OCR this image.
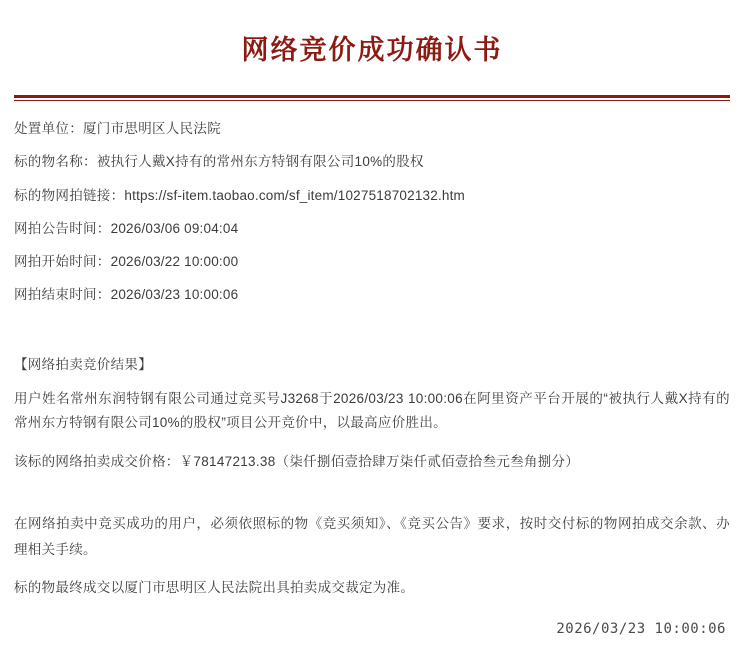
网络竞价成功确认书
处置单位：厦门市思明区人民法院
标的物名称：被执行人戴X持有的常州东方特钢有限公司10%的股权
标的物网拍链接：https://sf-item.taobao.com/sf_item/1027518702132.htm
网拍公告时间：2026/03/06 09:04:04
网拍开始时间：2026/03/22 10:00:00
网拍结束时间：2026/03/23 10:00:06
【网络拍卖竞价结果】
用户姓名常州东润特钢有限公司通过竞买号J3268于2026/03/23 10:00:06在阿里资产平台开展的“被执行人戴X持有的常州东方特钢有限公司10%的股权”项目公开竞价中，以最高应价胜出。
该标的网络拍卖成交价格：￥78147213.38（柒仟捌佰壹拾肆万柒仟贰佰壹拾叁元叁角捌分）
在网络拍卖中竞买成功的用户，必须依照标的物《竞买须知》、《竞买公告》要求，按时交付标的物网拍成交余款、办理相关手续。
标的物最终成交以厦门市思明区人民法院出具拍卖成交裁定为准。
2026/03/23 10:00:06
